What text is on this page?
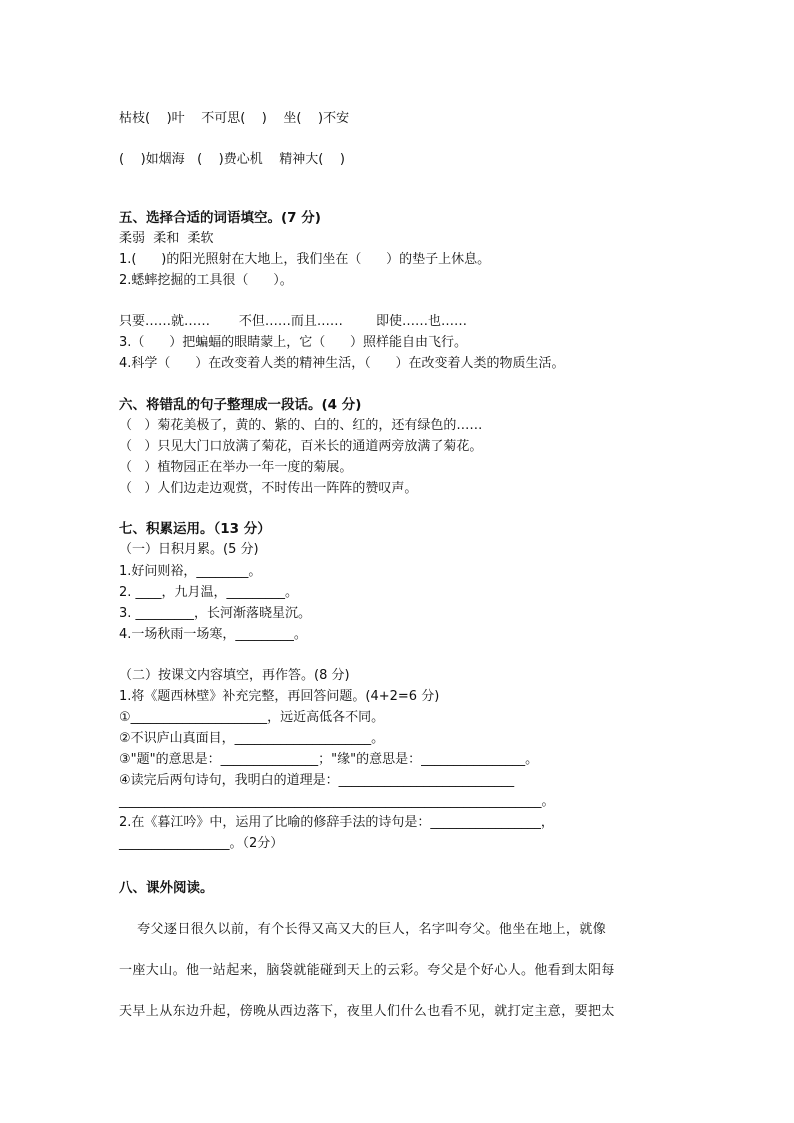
枯枝(    )叶    不可思(    )    坐(    )不安
(    )如烟海   (    )费心机    精神大(    )
五、选择合适的词语填空。(7 分)
柔弱  柔和  柔软
1.(      )的阳光照射在大地上，我们坐在（      ）的垫子上休息。
2.蟋蟀挖掘的工具很（      ）。
只要……就……       不但……而且……        即使……也……
3.（      ）把蝙蝠的眼睛蒙上，它（      ）照样能自由飞行。
4.科学（      ）在改变着人类的精神生活，（      ）在改变着人类的物质生活。
六、将错乱的句子整理成一段话。(4 分)
（   ）菊花美极了，黄的、紫的、白的、红的，还有绿色的……
（   ）只见大门口放满了菊花，百米长的通道两旁放满了菊花。
（   ）植物园正在举办一年一度的菊展。
（   ）人们边走边观赏，不时传出一阵阵的赞叹声。
七、积累运用。（13 分）
（一）日积月累。(5 分)
1.好问则裕，________。
2. ____，九月温，_________。
3. _________，长河渐落晓星沉。
4.一场秋雨一场寒，_________。
（二）按课文内容填空，再作答。(8 分)
1.将《题西林壁》补充完整，再回答问题。(4+2=6 分)
①_____________________，远近高低各不同。
②不识庐山真面目，_____________________。
③"题"的意思是：_______________；"缘"的意思是：________________。
④读完后两句诗句，我明白的道理是：___________________________
_________________________________________________________________。
2.在《暮江吟》中，运用了比喻的修辞手法的诗句是：_________________，
_________________。（2分）
八、课外阅读。
夸父逐日很久以前，有个长得又高又大的巨人，名字叫夸父。他坐在地上，就像
一座大山。他一站起来，脑袋就能碰到天上的云彩。夸父是个好心人。他看到太阳每
天早上从东边升起，傍晚从西边落下，夜里人们什么也看不见，就打定主意，要把太
